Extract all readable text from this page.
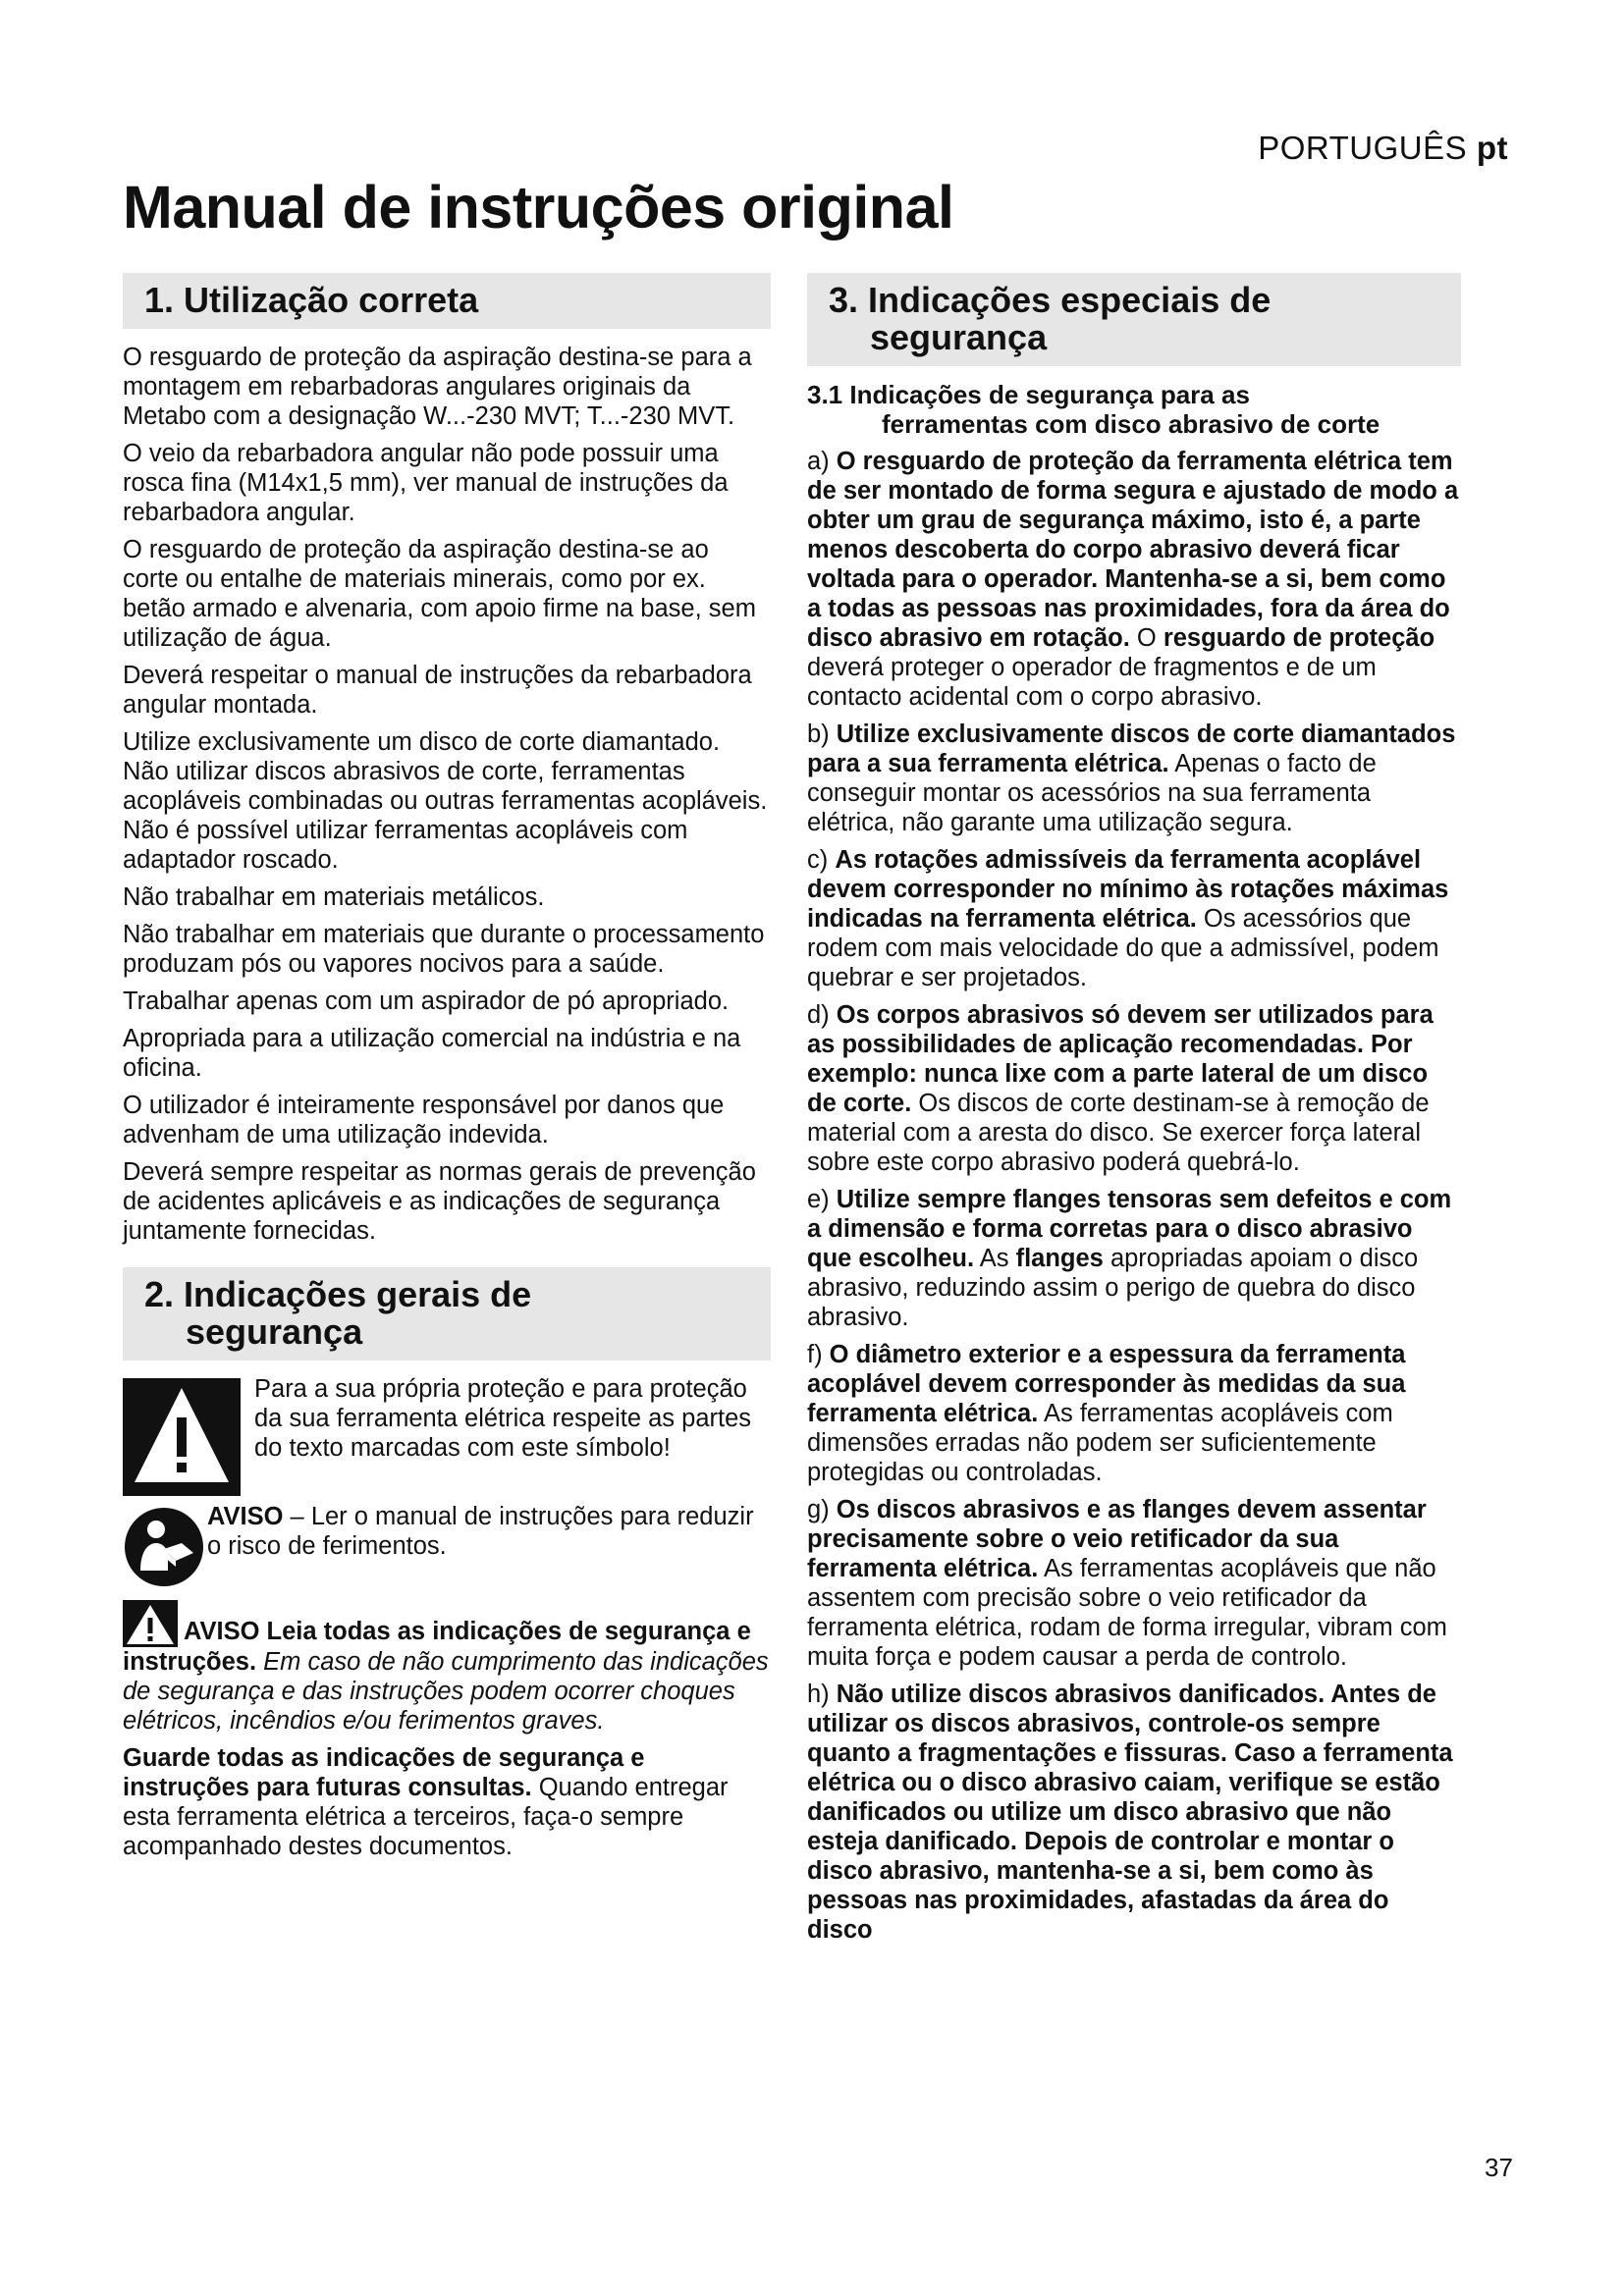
PORTUGUÊS pt
Manual de instruções original
1. Utilização correta

O resguardo de proteção da aspiração destina-se para a montagem em rebarbadoras angulares originais da Metabo com a designação W...-230 MVT; T...-230 MVT.

O veio da rebarbadora angular não pode possuir uma rosca fina (M14x1,5 mm), ver manual de instruções da rebarbadora angular.

O resguardo de proteção da aspiração destina-se ao corte ou entalhe de materiais minerais, como por ex. betão armado e alvenaria, com apoio firme na base, sem utilização de água.

Deverá respeitar o manual de instruções da rebarbadora angular montada.

Utilize exclusivamente um disco de corte diamantado. Não utilizar discos abrasivos de corte, ferramentas acopláveis combinadas ou outras ferramentas acopláveis. Não é possível utilizar ferramentas acopláveis com adaptador roscado.

Não trabalhar em materiais metálicos.

Não trabalhar em materiais que durante o processamento produzam pós ou vapores nocivos para a saúde.

Trabalhar apenas com um aspirador de pó apropriado.

Apropriada para a utilização comercial na indústria e na oficina.

O utilizador é inteiramente responsável por danos que advenham de uma utilização indevida.

Deverá sempre respeitar as normas gerais de prevenção de acidentes aplicáveis e as indicações de segurança juntamente fornecidas.

2. Indicações gerais de
segurança

Para a sua própria proteção e para proteção da sua ferramenta elétrica respeite as partes do texto marcadas com este símbolo!

AVISO – Ler o manual de instruções para reduzir o risco de ferimentos.

AVISO Leia todas as indicações de segurança e instruções. Em caso de não cumprimento das indicações de segurança e das instruções podem ocorrer choques elétricos, incêndios e/ou ferimentos graves.

Guarde todas as indicações de segurança e instruções para futuras consultas. Quando entregar esta ferramenta elétrica a terceiros, faça-o sempre acompanhado destes documentos.

3. Indicações especiais de
segurança
3.1 Indicações de segurança para as
ferramentas com disco abrasivo de corte

a) O resguardo de proteção da ferramenta elétrica tem de ser montado de forma segura e ajustado de modo a obter um grau de segurança máximo, isto é, a parte menos descoberta do corpo abrasivo deverá ficar voltada para o operador. Mantenha-se a si, bem como a todas as pessoas nas proximidades, fora da área do disco abrasivo em rotação. O resguardo de proteção deverá proteger o operador de fragmentos e de um contacto acidental com o corpo abrasivo.

b) Utilize exclusivamente discos de corte diamantados para a sua ferramenta elétrica. Apenas o facto de conseguir montar os acessórios na sua ferramenta elétrica, não garante uma utilização segura.

c) As rotações admissíveis da ferramenta acoplável devem corresponder no mínimo às rotações máximas indicadas na ferramenta elétrica. Os acessórios que rodem com mais velocidade do que a admissível, podem quebrar e ser projetados.

d) Os corpos abrasivos só devem ser utilizados para as possibilidades de aplicação recomendadas. Por exemplo: nunca lixe com a parte lateral de um disco de corte. Os discos de corte destinam-se à remoção de material com a aresta do disco. Se exercer força lateral sobre este corpo abrasivo poderá quebrá-lo.

e) Utilize sempre flanges tensoras sem defeitos e com a dimensão e forma corretas para o disco abrasivo que escolheu. As flanges apropriadas apoiam o disco abrasivo, reduzindo assim o perigo de quebra do disco abrasivo.

f) O diâmetro exterior e a espessura da ferramenta acoplável devem corresponder às medidas da sua ferramenta elétrica. As ferramentas acopláveis com dimensões erradas não podem ser suficientemente protegidas ou controladas.

g) Os discos abrasivos e as flanges devem assentar precisamente sobre o veio retificador da sua ferramenta elétrica. As ferramentas acopláveis que não assentem com precisão sobre o veio retificador da ferramenta elétrica, rodam de forma irregular, vibram com muita força e podem causar a perda de controlo.

h) Não utilize discos abrasivos danificados. Antes de utilizar os discos abrasivos, controle-os sempre quanto a fragmentações e fissuras. Caso a ferramenta elétrica ou o disco abrasivo caiam, verifique se estão danificados ou utilize um disco abrasivo que não esteja danificado. Depois de controlar e montar o disco abrasivo, mantenha-se a si, bem como às pessoas nas proximidades, afastadas da área do disco

37
